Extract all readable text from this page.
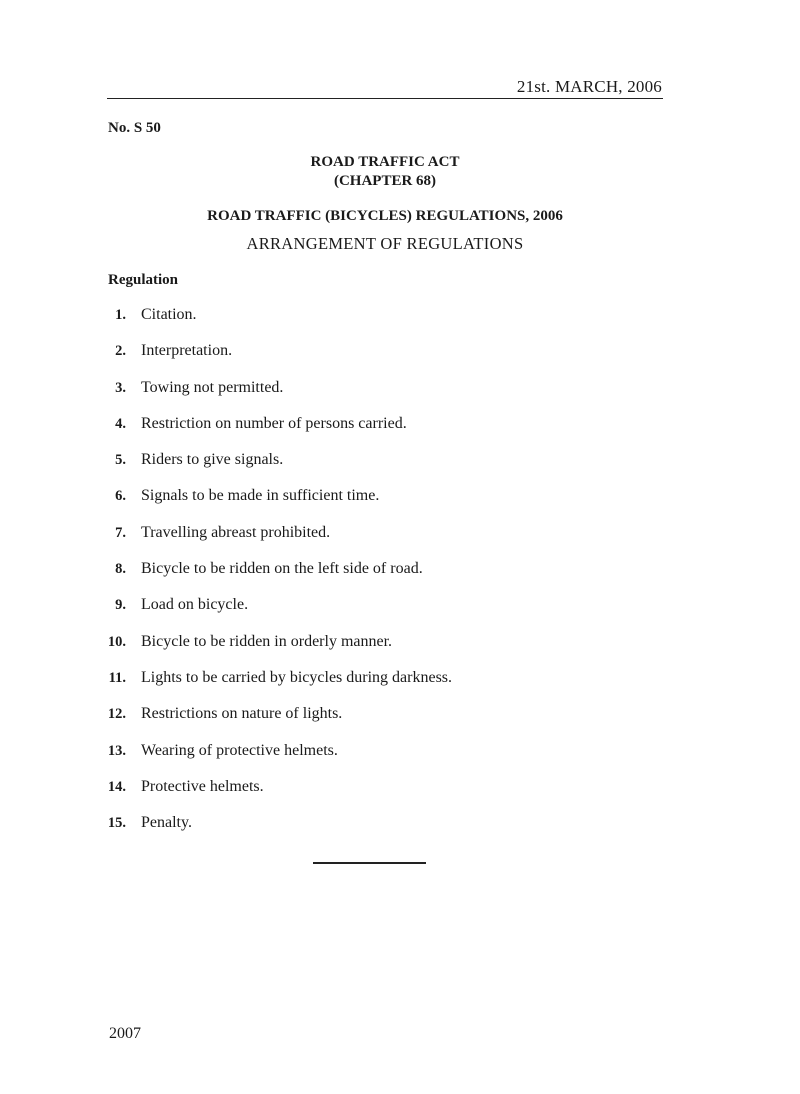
21st. MARCH, 2006
No. S 50
ROAD TRAFFIC ACT
(CHAPTER 68)
ROAD TRAFFIC (BICYCLES) REGULATIONS, 2006
ARRANGEMENT OF REGULATIONS
Regulation
1. Citation.
2. Interpretation.
3. Towing not permitted.
4. Restriction on number of persons carried.
5. Riders to give signals.
6. Signals to be made in sufficient time.
7. Travelling abreast prohibited.
8. Bicycle to be ridden on the left side of road.
9. Load on bicycle.
10. Bicycle to be ridden in orderly manner.
11. Lights to be carried by bicycles during darkness.
12. Restrictions on nature of lights.
13. Wearing of protective helmets.
14. Protective helmets.
15. Penalty.
2007
